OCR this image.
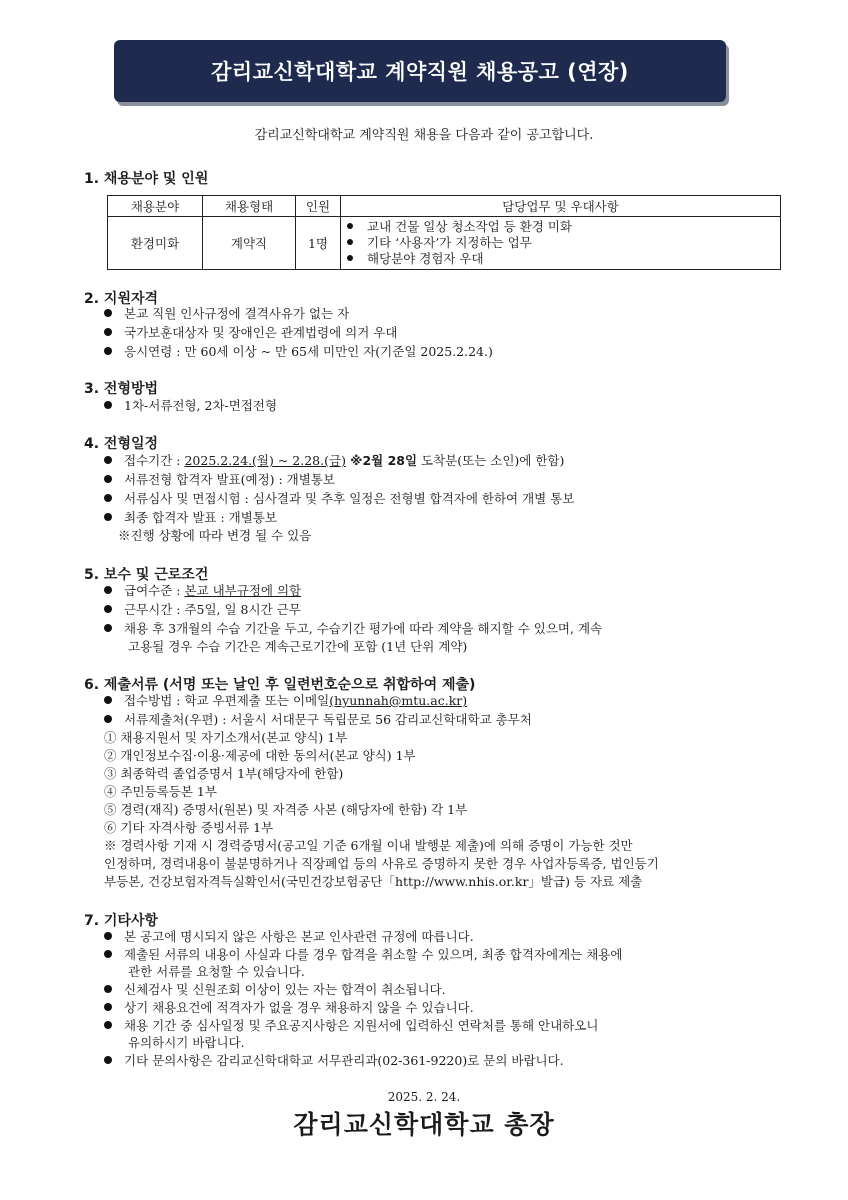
감리교신학대학교 계약직원 채용공고 (연장)
감리교신학대학교 계약직원 채용을 다음과 같이 공고합니다.
1. 채용분야 및 인원
채용분야	채용형태	인원	담당업무 및 우대사항
환경미화	계약직	1명	교내 건물 일상 청소작업 등 환경 미화
기타 ‘사용자’가 지정하는 업무
해당분야 경험자 우대
2. 지원자격
본교 직원 인사규정에 결격사유가 없는 자
국가보훈대상자 및 장애인은 관계법령에 의거 우대
응시연령 : 만 60세 이상 ~ 만 65세 미만인 자(기준일 2025.2.24.)
3. 전형방법
1차-서류전형, 2차-면접전형
4. 전형일정
접수기간 : 2025.2.24.(월) ~ 2.28.(금) ※2월 28일 도착분(또는 소인)에 한함)
서류전형 합격자 발표(예정) : 개별통보
서류심사 및 면접시험 : 심사결과 및 추후 일정은 전형별 합격자에 한하여 개별 통보
최종 합격자 발표 : 개별통보
※진행 상황에 따라 변경 될 수 있음
5. 보수 및 근로조건
급여수준 : 본교 내부규정에 의함
근무시간 : 주5일, 일 8시간 근무
채용 후 3개월의 수습 기간을 두고, 수습기간 평가에 따라 계약을 해지할 수 있으며, 계속
고용될 경우 수습 기간은 계속근로기간에 포함 (1년 단위 계약)
6. 제출서류 (서명 또는 날인 후 일련번호순으로 취합하여 제출)
접수방법 : 학교 우편제출 또는 이메일(hyunnah@mtu.ac.kr)
서류제출처(우편) : 서울시 서대문구 독립문로 56 감리교신학대학교 총무처
① 채용지원서 및 자기소개서(본교 양식) 1부
② 개인정보수집·이용·제공에 대한 동의서(본교 양식) 1부
③ 최종학력 졸업증명서 1부(해당자에 한함)
④ 주민등록등본 1부
⑤ 경력(재직) 증명서(원본) 및 자격증 사본 (해당자에 한함) 각 1부
⑥ 기타 자격사항 증빙서류 1부
※ 경력사항 기재 시 경력증명서(공고일 기준 6개월 이내 발행분 제출)에 의해 증명이 가능한 것만
인정하며, 경력내용이 불분명하거나 직장폐업 등의 사유로 증명하지 못한 경우 사업자등록증, 법인등기
부등본, 건강보험자격득실확인서(국민건강보험공단「http://www.nhis.or.kr」발급) 등 자료 제출
7. 기타사항
본 공고에 명시되지 않은 사항은 본교 인사관련 규정에 따릅니다.
제출된 서류의 내용이 사실과 다를 경우 합격을 취소할 수 있으며, 최종 합격자에게는 채용에
관한 서류를 요청할 수 있습니다.
신체검사 및 신원조회 이상이 있는 자는 합격이 취소됩니다.
상기 채용요건에 적격자가 없을 경우 채용하지 않을 수 있습니다.
채용 기간 중 심사일정 및 주요공지사항은 지원서에 입력하신 연락처를 통해 안내하오니
유의하시기 바랍니다.
기타 문의사항은 감리교신학대학교 서무관리과(02-361-9220)로 문의 바랍니다.
2025. 2. 24.
감리교신학대학교 총장
